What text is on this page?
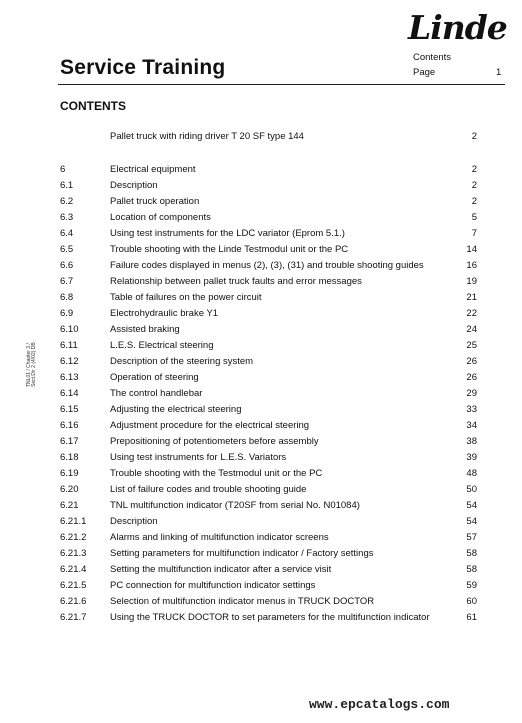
Linde
Service Training	Contents
Page	1
CONTENTS
TNL01 / Chapter 3 / Sect.Dir 2 (4/02) DB
Pallet truck with riding driver T 20 SF type 144	2
6	Electrical equipment	2
6.1	Description	2
6.2	Pallet truck operation	2
6.3	Location of components	5
6.4	Using test instruments for the LDC variator (Eprom 5.1.)	7
6.5	Trouble shooting with the Linde Testmodul unit or the PC	14
6.6	Failure codes displayed in menus (2), (3), (31) and trouble shooting guides	16
6.7	Relationship between pallet truck faults and error messages	19
6.8	Table of failures on the power circuit	21
6.9	Electrohydraulic brake Y1	22
6.10	Assisted braking	24
6.11	L.E.S. Electrical steering	25
6.12	Description of the steering system	26
6.13	Operation of steering	26
6.14	The control handlebar	29
6.15	Adjusting the electrical steering	33
6.16	Adjustment procedure for the electrical steering	34
6.17	Prepositioning of potentiometers before assembly	38
6.18	Using test instruments for L.E.S. Variators	39
6.19	Trouble shooting with the Testmodul unit or the PC	48
6.20	List of failure codes and trouble shooting guide	50
6.21	TNL multifunction indicator (T20SF from serial No. N01084)	54
6.21.1 Description	54
6.21.2 Alarms and linking of multifunction indicator screens	57
6.21.3 Setting parameters for multifunction indicator / Factory settings	58
6.21.4 Setting the multifunction indicator after a service visit	58
6.21.5 PC connection for multifunction indicator settings	59
6.21.6 Selection of multifunction indicator menus in TRUCK DOCTOR	60
6.21.7 Using the TRUCK DOCTOR to set parameters for the multifunction indicator	61
www.epcatalogs.com
